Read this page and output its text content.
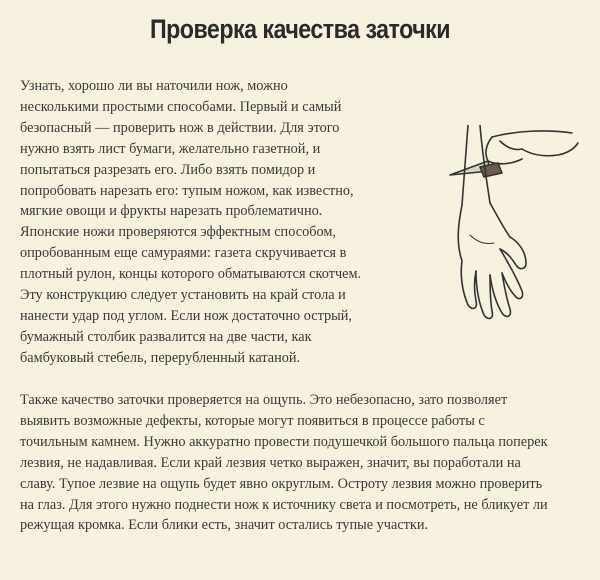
Проверка качества заточки
Узнать, хорошо ли вы наточили нож, можно
несколькими простыми способами. Первый и самый
безопасный — проверить нож в действии. Для этого
нужно взять лист бумаги, желательно газетной, и
попытаться разрезать его. Либо взять помидор и
попробовать нарезать его: тупым ножом, как известно,
мягкие овощи и фрукты нарезать проблематично.
Японские ножи проверяются эффектным способом,
опробованным еще самураями: газета скручивается в
плотный рулон, концы которого обматываются скотчем.
Эту конструкцию следует установить на край стола и
нанести удар под углом. Если нож достаточно острый,
бумажный столбик развалится на две части, как
бамбуковый стебель, перерубленный катаной.
Также качество заточки проверяется на ощупь. Это небезопасно, зато позволяет
выявить возможные дефекты, которые могут появиться в процессе работы с
точильным камнем. Нужно аккуратно провести подушечкой большого пальца поперек
лезвия, не надавливая. Если край лезвия четко выражен, значит, вы поработали на
славу. Тупое лезвие на ощупь будет явно округлым. Остроту лезвия можно проверить
на глаз. Для этого нужно поднести нож к источнику света и посмотреть, не бликует ли
режущая кромка. Если блики есть, значит остались тупые участки.
